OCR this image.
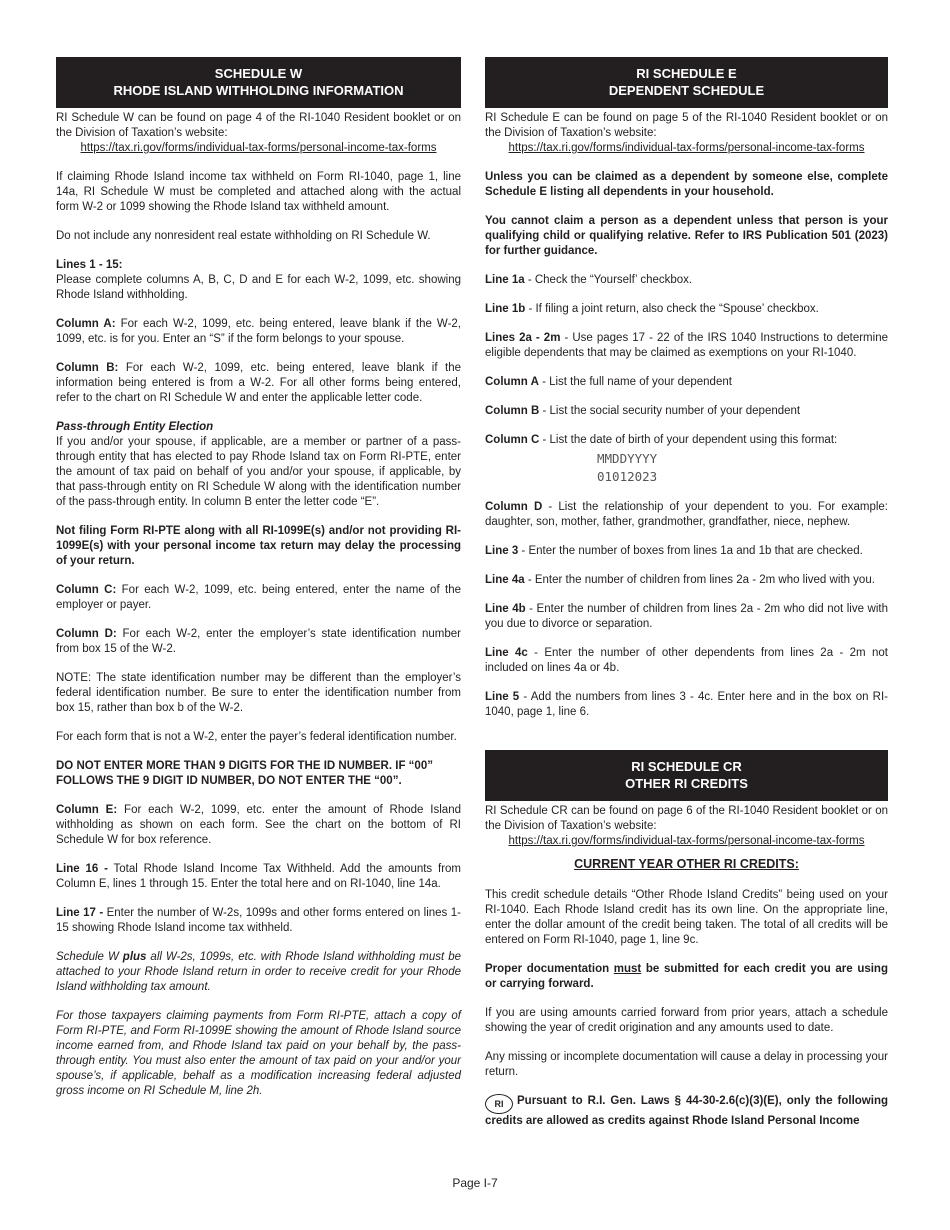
SCHEDULE W
RHODE ISLAND WITHHOLDING INFORMATION

RI Schedule W can be found on page 4 of the RI-1040 Resident booklet or on the Division of Taxation’s website:

https://tax.ri.gov/forms/individual-tax-forms/personal-income-tax-forms

If claiming Rhode Island income tax withheld on Form RI-1040, page 1, line 14a, RI Schedule W must be completed and attached along with the actual form W-2 or 1099 showing the Rhode Island tax withheld amount.

Do not include any nonresident real estate withholding on RI Schedule W.

Lines 1 - 15:
Please complete columns A, B, C, D and E for each W-2, 1099, etc. showing Rhode Island withholding.

Column A: For each W-2, 1099, etc. being entered, leave blank if the W-2, 1099, etc. is for you. Enter an “S” if the form belongs to your spouse.

Column B: For each W-2, 1099, etc. being entered, leave blank if the information being entered is from a W-2. For all other forms being entered, refer to the chart on RI Schedule W and enter the applicable letter code.

Pass-through Entity Election
If you and/or your spouse, if applicable, are a member or partner of a pass-through entity that has elected to pay Rhode Island tax on Form RI-PTE, enter the amount of tax paid on behalf of you and/or your spouse, if applicable, by that pass-through entity on RI Schedule W along with the identification number of the pass-through entity. In column B enter the letter code “E”.

Not filing Form RI-PTE along with all RI-1099E(s) and/or not providing RI-1099E(s) with your personal income tax return may delay the processing of your return.

Column C: For each W-2, 1099, etc. being entered, enter the name of the employer or payer.

Column D: For each W-2, enter the employer’s state identification number from box 15 of the W-2.

NOTE: The state identification number may be different than the employer’s federal identification number. Be sure to enter the identification number from box 15, rather than box b of the W-2.

For each form that is not a W-2, enter the payer’s federal identification number.

DO NOT ENTER MORE THAN 9 DIGITS FOR THE ID NUMBER. IF “00” FOLLOWS THE 9 DIGIT ID NUMBER, DO NOT ENTER THE “00”.

Column E: For each W-2, 1099, etc. enter the amount of Rhode Island withholding as shown on each form. See the chart on the bottom of RI Schedule W for box reference.

Line 16 - Total Rhode Island Income Tax Withheld. Add the amounts from Column E, lines 1 through 15. Enter the total here and on RI-1040, line 14a.

Line 17 - Enter the number of W-2s, 1099s and other forms entered on lines 1-15 showing Rhode Island income tax withheld.

Schedule W plus all W-2s, 1099s, etc. with Rhode Island withholding must be attached to your Rhode Island return in order to receive credit for your Rhode Island withholding tax amount.

For those taxpayers claiming payments from Form RI-PTE, attach a copy of Form RI-PTE, and Form RI-1099E showing the amount of Rhode Island source income earned from, and Rhode Island tax paid on your behalf by, the pass-through entity. You must also enter the amount of tax paid on your and/or your spouse’s, if applicable, behalf as a modification increasing federal adjusted gross income on RI Schedule M, line 2h.

RI SCHEDULE E
DEPENDENT SCHEDULE

RI Schedule E can be found on page 5 of the RI-1040 Resident booklet or on the Division of Taxation’s website:

https://tax.ri.gov/forms/individual-tax-forms/personal-income-tax-forms

Unless you can be claimed as a dependent by someone else, complete Schedule E listing all dependents in your household.

You cannot claim a person as a dependent unless that person is your qualifying child or qualifying relative. Refer to IRS Publication 501 (2023) for further guidance.

Line 1a - Check the “Yourself’ checkbox.

Line 1b - If filing a joint return, also check the “Spouse’ checkbox.

Lines 2a - 2m - Use pages 17 - 22 of the IRS 1040 Instructions to determine eligible dependents that may be claimed as exemptions on your RI-1040.

Column A - List the full name of your dependent

Column B - List the social security number of your dependent

Column C - List the date of birth of your dependent using this format:

MMDDYYYY
01012023

Column D - List the relationship of your dependent to you. For example: daughter, son, mother, father, grandmother, grandfather, niece, nephew.

Line 3 - Enter the number of boxes from lines 1a and 1b that are checked.

Line 4a - Enter the number of children from lines 2a - 2m who lived with you.

Line 4b - Enter the number of children from lines 2a - 2m who did not live with you due to divorce or separation.

Line 4c - Enter the number of other dependents from lines 2a - 2m not included on lines 4a or 4b.

Line 5 - Add the numbers from lines 3 - 4c. Enter here and in the box on RI-1040, page 1, line 6.

RI SCHEDULE CR
OTHER RI CREDITS

RI Schedule CR can be found on page 6 of the RI-1040 Resident booklet or on the Division of Taxation’s website:

https://tax.ri.gov/forms/individual-tax-forms/personal-income-tax-forms

CURRENT YEAR OTHER RI CREDITS:

This credit schedule details “Other Rhode Island Credits” being used on your RI-1040. Each Rhode Island credit has its own line. On the appropriate line, enter the dollar amount of the credit being taken. The total of all credits will be entered on Form RI-1040, page 1, line 9c.

Proper documentation must be submitted for each credit you are using or carrying forward.

If you are using amounts carried forward from prior years, attach a schedule showing the year of credit origination and any amounts used to date.

Any missing or incomplete documentation will cause a delay in processing your return.

RI Pursuant to R.I. Gen. Laws § 44-30-2.6(c)(3)(E), only the following credits are allowed as credits against Rhode Island Personal Income

Page I-7
